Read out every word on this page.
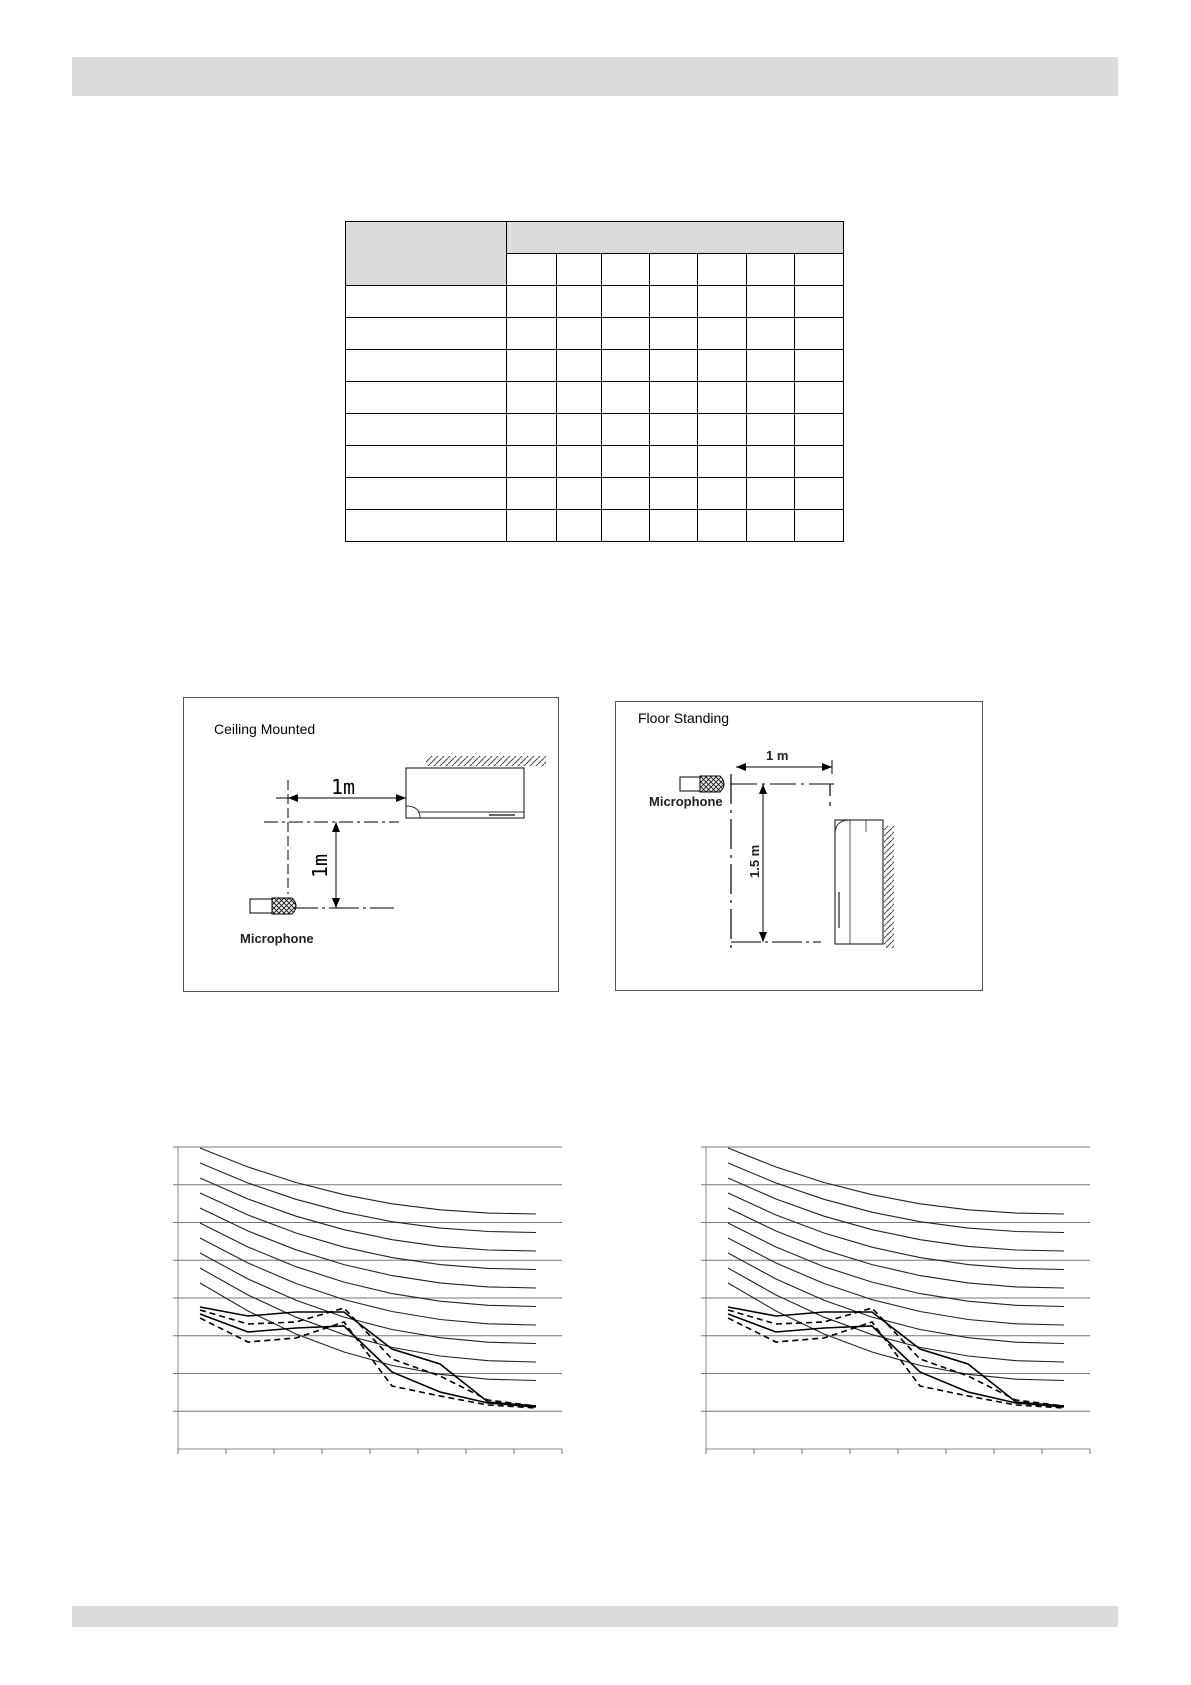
Ceiling Mounted
1m
1m
Microphone
Floor Standing
1 m
1.5 m
Microphone
